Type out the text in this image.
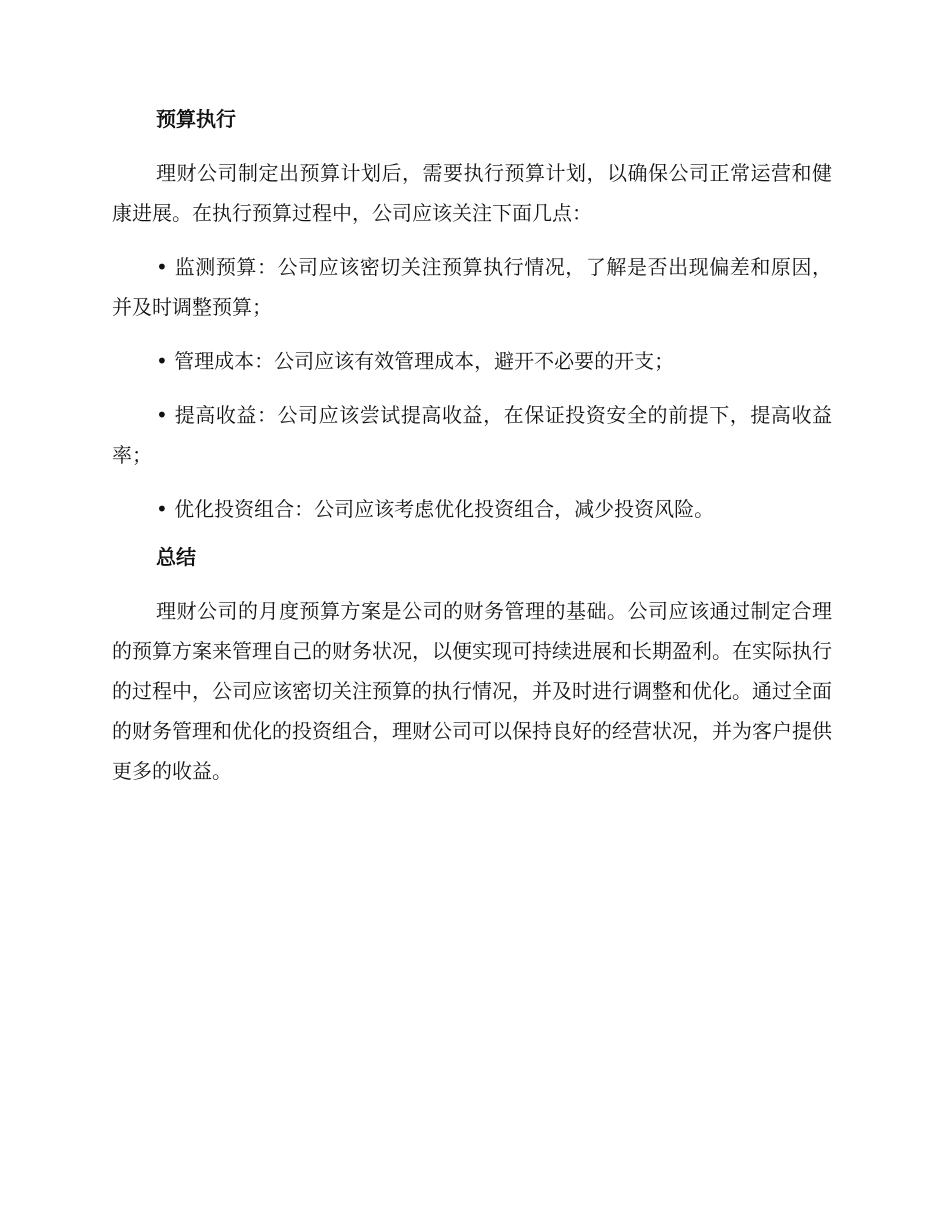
预算执行
理财公司制定出预算计划后，需要执行预算计划，以确保公司正常运营和健康进展。在执行预算过程中，公司应该关注下面几点：
• 监测预算：公司应该密切关注预算执行情况，了解是否出现偏差和原因，并及时调整预算；
• 管理成本：公司应该有效管理成本，避开不必要的开支；
• 提高收益：公司应该尝试提高收益，在保证投资安全的前提下，提高收益率；
• 优化投资组合：公司应该考虑优化投资组合，减少投资风险。
总结
理财公司的月度预算方案是公司的财务管理的基础。公司应该通过制定合理的预算方案来管理自己的财务状况，以便实现可持续进展和长期盈利。在实际执行的过程中，公司应该密切关注预算的执行情况，并及时进行调整和优化。通过全面的财务管理和优化的投资组合，理财公司可以保持良好的经营状况，并为客户提供更多的收益。
